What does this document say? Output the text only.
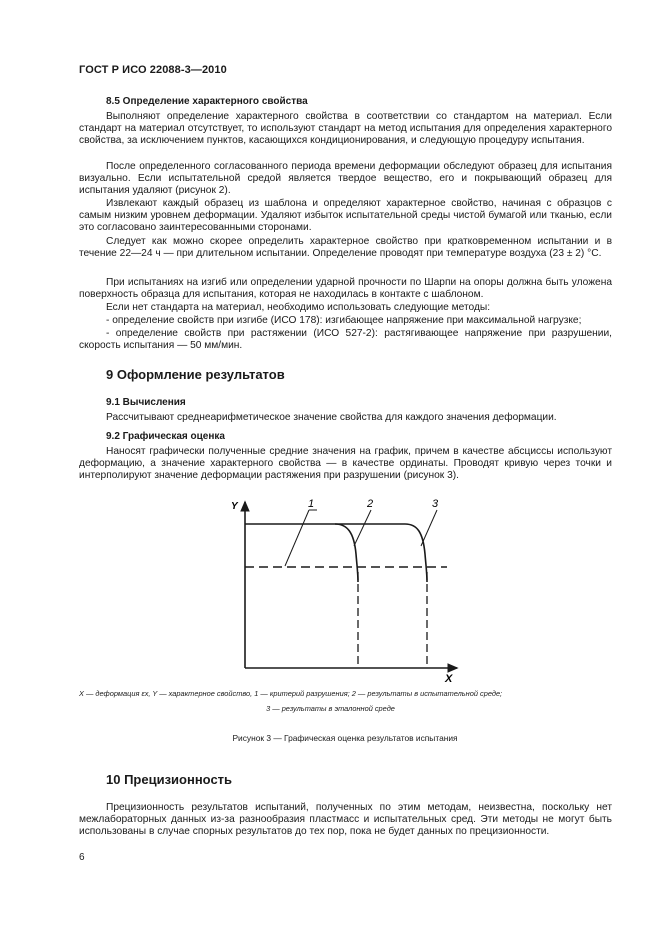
ГОСТ Р ИСО 22088-3—2010
8.5 Определение характерного свойства
Выполняют определение характерного свойства в соответствии со стандартом на материал. Если стандарт на материал отсутствует, то используют стандарт на метод испытания для определения характерного свойства, за исключением пунктов, касающихся кондиционирования, и следующую процедуру испытания.
После определенного согласованного периода времени деформации обследуют образец для испытания визуально. Если испытательной средой является твердое вещество, его и покрывающий образец для испытания удаляют (рисунок 2).
Извлекают каждый образец из шаблона и определяют характерное свойство, начиная с образцов с самым низким уровнем деформации. Удаляют избыток испытательной среды чистой бумагой или тканью, если это согласовано заинтересованными сторонами.
Следует как можно скорее определить характерное свойство при кратковременном испытании и в течение 22—24 ч — при длительном испытании. Определение проводят при температуре воздуха (23 ± 2) °C.
При испытаниях на изгиб или определении ударной прочности по Шарпи на опоры должна быть уложена поверхность образца для испытания, которая не находилась в контакте с шаблоном.
Если нет стандарта на материал, необходимо использовать следующие методы:
- определение свойств при изгибе (ИСО 178): изгибающее напряжение при максимальной нагрузке;
- определение свойств при растяжении (ИСО 527-2): растягивающее напряжение при разрушении, скорость испытания — 50 мм/мин.
9 Оформление результатов
9.1 Вычисления
Рассчитывают среднеарифметическое значение свойства для каждого значения деформации.
9.2 Графическая оценка
Наносят графически полученные средние значения на график, причем в качестве абсциссы используют деформацию, а значение характерного свойства — в качестве ординаты. Проводят кривую через точки и интерполируют значение деформации растяжения при разрушении (рисунок 3).
Y
X
1	2	3
X — деформация εx, Y — характерное свойство, 1 — критерий разрушения; 2 — результаты в испытательной среде;
3 — результаты в эталонной среде
Рисунок 3 — Графическая оценка результатов испытания
10 Прецизионность
Прецизионность результатов испытаний, полученных по этим методам, неизвестна, поскольку нет межлабораторных данных из-за разнообразия пластмасс и испытательных сред. Эти методы не могут быть использованы в случае спорных результатов до тех пор, пока не будет данных по прецизионности.
6
